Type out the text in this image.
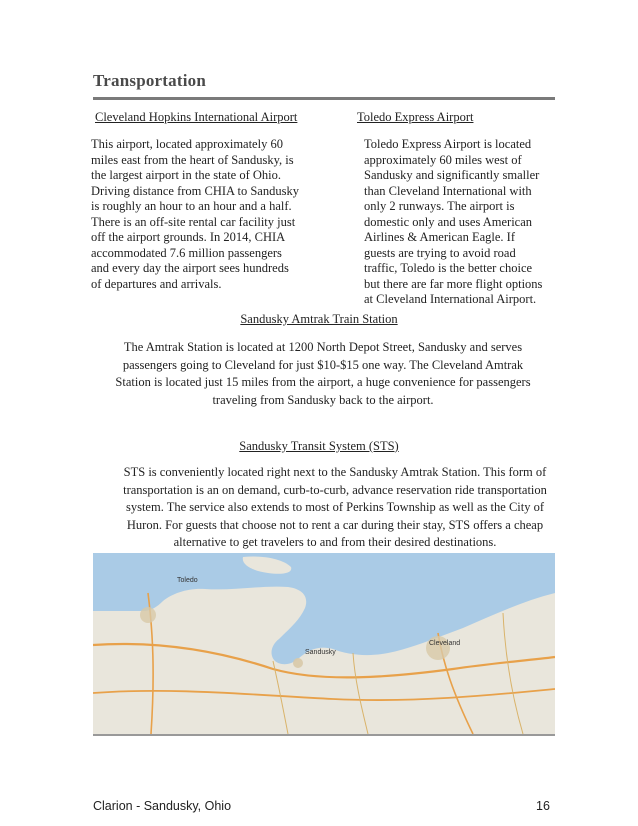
Transportation
Cleveland Hopkins International Airport
This airport, located approximately 60
miles east from the heart of Sandusky, is
the largest airport in the state of Ohio.
Driving distance from CHIA to Sandusky
is roughly an hour to an hour and a half.
There is an off-site rental car facility just
off the airport grounds. In 2014, CHIA
accommodated 7.6 million passengers
and every day the airport sees hundreds
of departures and arrivals.
Toledo Express Airport
Toledo Express Airport is located
approximately 60 miles west of
Sandusky and significantly smaller
than Cleveland International with
only 2 runways. The airport is
domestic only and uses American
Airlines & American Eagle. If
guests are trying to avoid road
traffic, Toledo is the better choice
but there are far more flight options
at Cleveland International Airport.
Sandusky Amtrak Train Station
The Amtrak Station is located at 1200 North Depot Street, Sandusky and serves
passengers going to Cleveland for just $10-$15 one way. The Cleveland Amtrak
Station is located just 15 miles from the airport, a huge convenience for passengers
traveling from Sandusky back to the airport.
Sandusky Transit System (STS)
STS is conveniently located right next to the Sandusky Amtrak Station. This form of
transportation is an on demand, curb-to-curb, advance reservation ride transportation
system. The service also extends to most of Perkins Township as well as the City of
Huron. For guests that choose not to rent a car during their stay, STS offers a cheap
alternative to get travelers to and from their desired destinations.
Toledo
Sandusky
Cleveland
Clarion - Sandusky, Ohio	16
